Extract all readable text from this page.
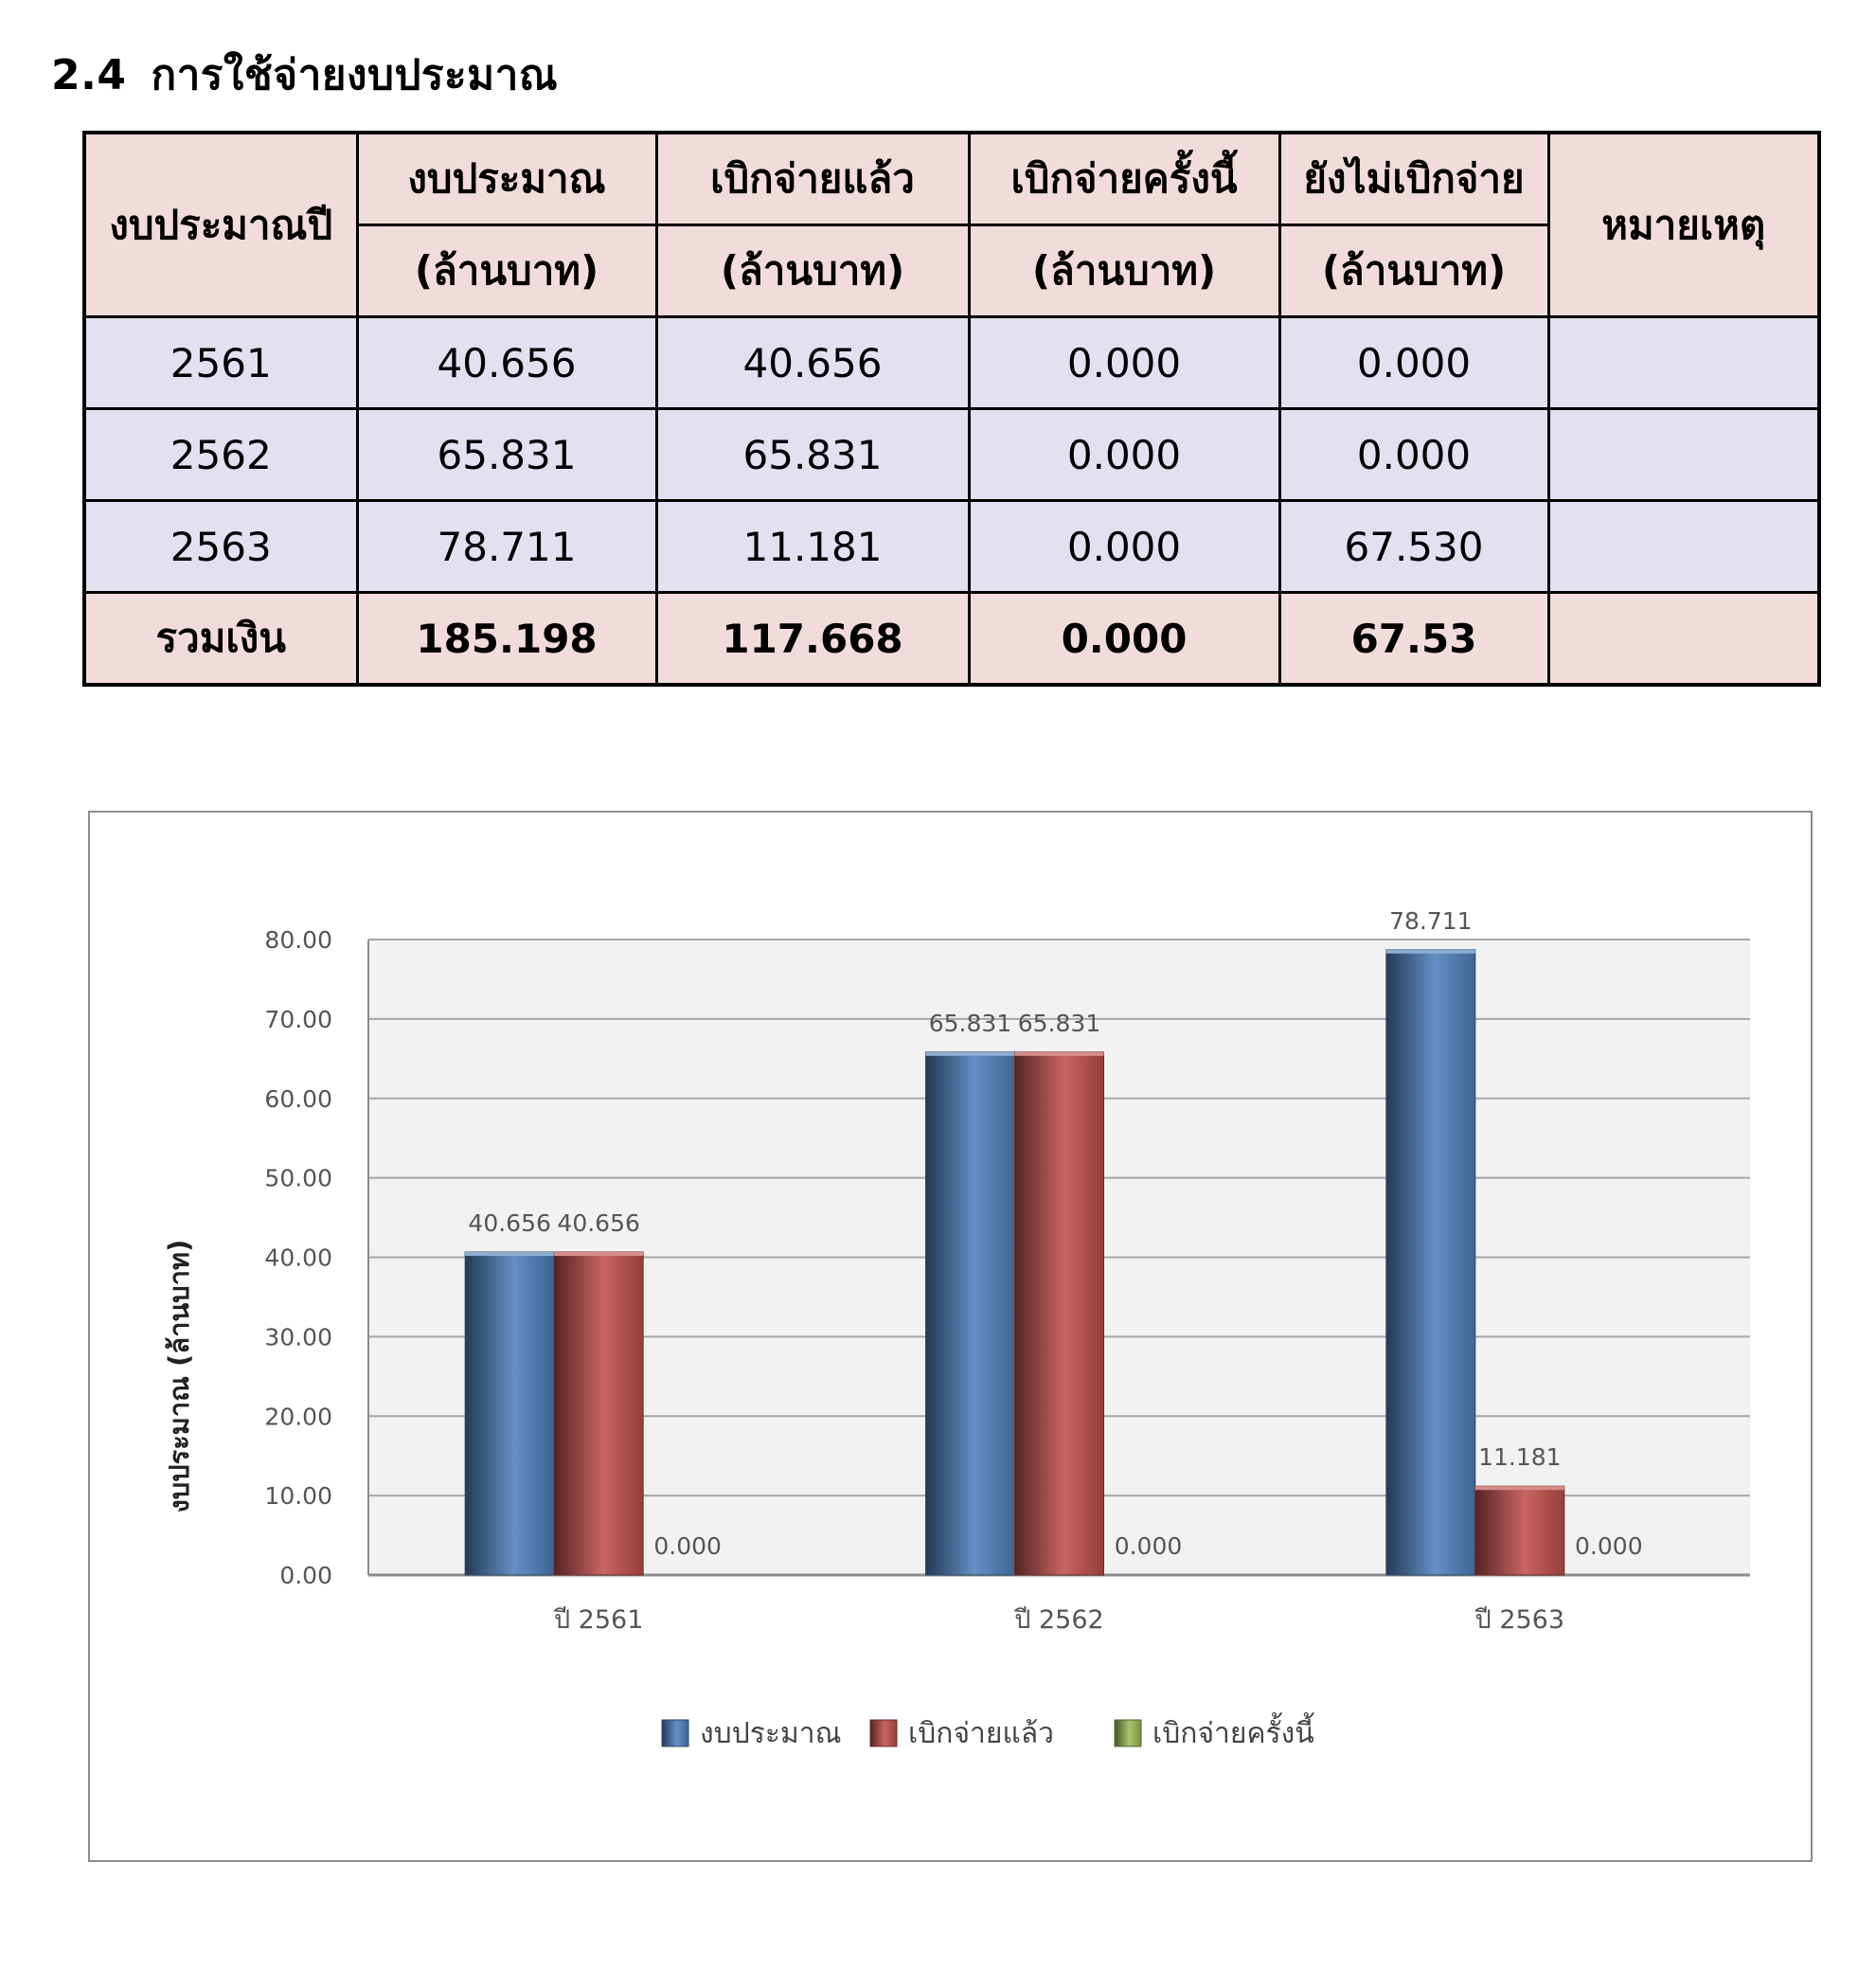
2.4 การใช้จ่ายงบประมาณ
งบประมาณปี	งบประมาณ	เบิกจ่ายแล้ว	เบิกจ่ายครั้งนี้	ยังไม่เบิกจ่าย	หมายเหตุ
	(ล้านบาท)	(ล้านบาท)	(ล้านบาท)	(ล้านบาท)	
2561	40.656	40.656	0.000	0.000	
2562	65.831	65.831	0.000	0.000	
2563	78.711	11.181	0.000	67.530	
รวมเงิน	185.198	117.668	0.000	67.53	
0.00
10.00
20.00
30.00
40.00
50.00
60.00
70.00
80.00
40.656 40.656
0.000
65.831 65.831
0.000
78.711
11.181
0.000
ปี 2561	ปี 2562	ปี 2563
งบประมาณ เบิกจ่ายแล้ว	เบิกจ่ายครั้งนี้
งบประมาณ (ล้านบาท)
